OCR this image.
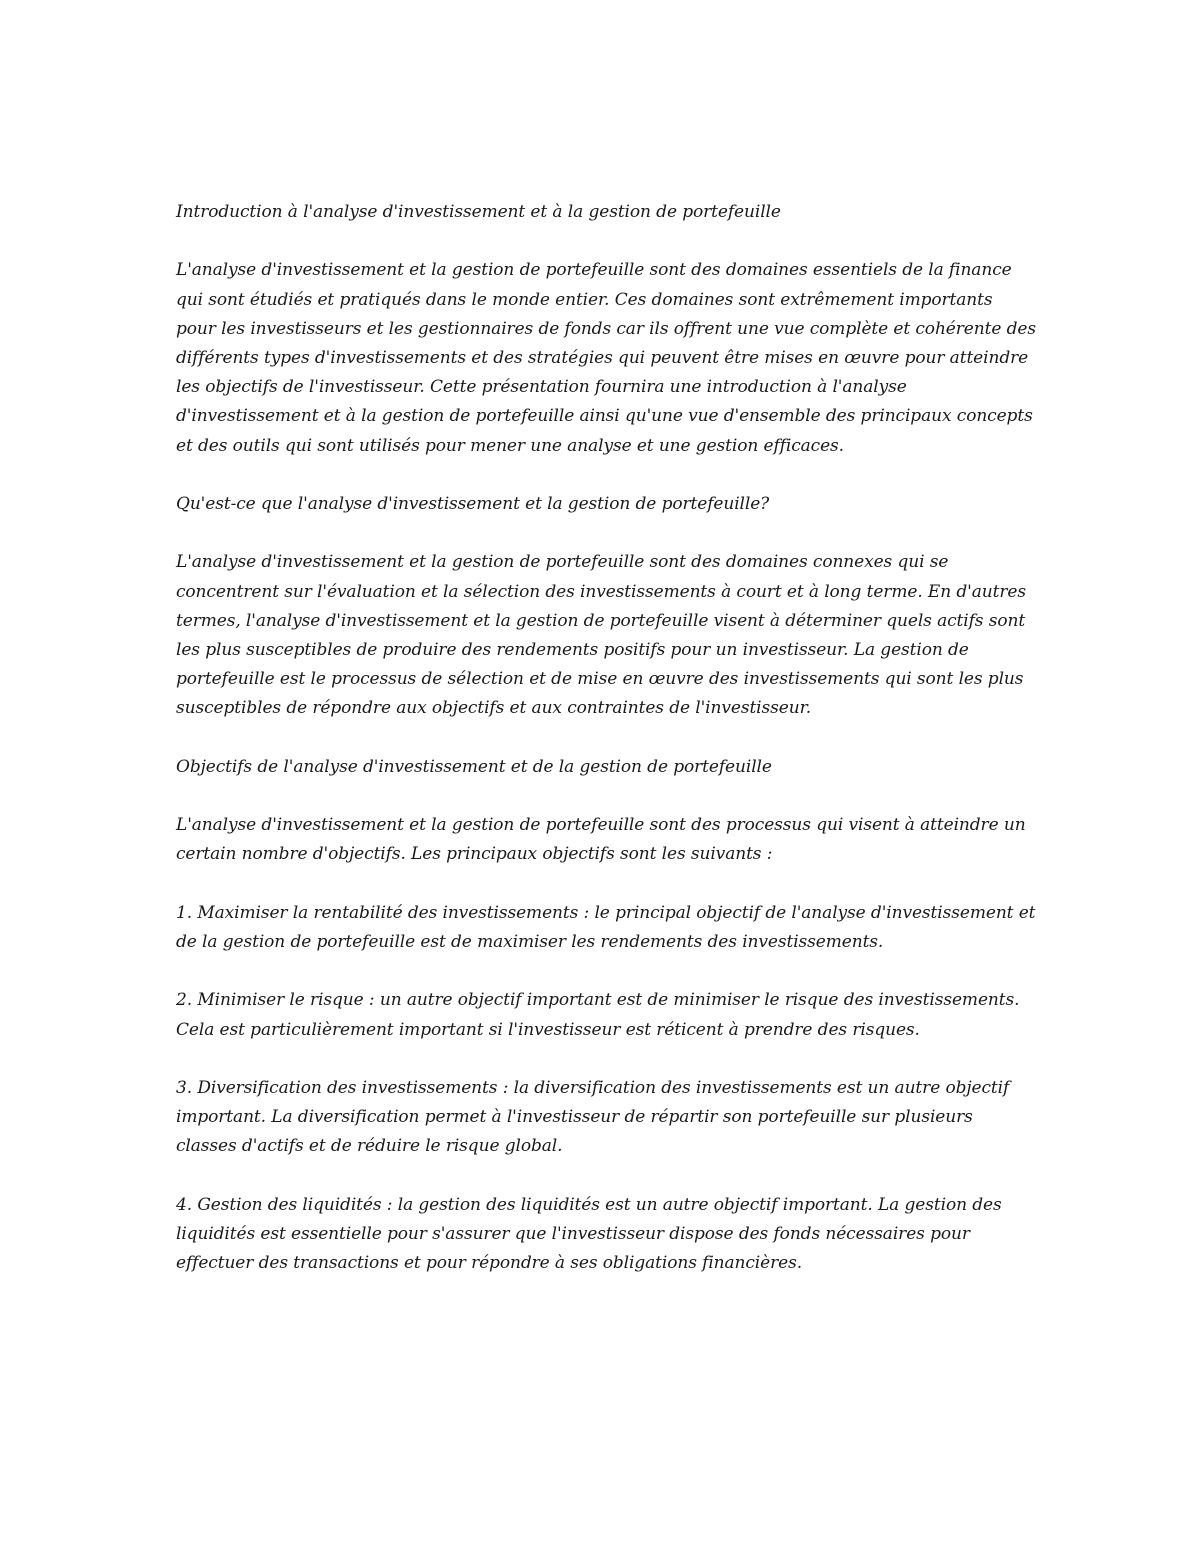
Introduction à l'analyse d'investissement et à la gestion de portefeuille

L'analyse d'investissement et la gestion de portefeuille sont des domaines essentiels de la finance qui sont étudiés et pratiqués dans le monde entier. Ces domaines sont extrêmement importants pour les investisseurs et les gestionnaires de fonds car ils offrent une vue complète et cohérente des différents types d'investissements et des stratégies qui peuvent être mises en œuvre pour atteindre les objectifs de l'investisseur. Cette présentation fournira une introduction à l'analyse d'investissement et à la gestion de portefeuille ainsi qu'une vue d'ensemble des principaux concepts et des outils qui sont utilisés pour mener une analyse et une gestion efficaces.

Qu'est-ce que l'analyse d'investissement et la gestion de portefeuille?

L'analyse d'investissement et la gestion de portefeuille sont des domaines connexes qui se concentrent sur l'évaluation et la sélection des investissements à court et à long terme. En d'autres termes, l'analyse d'investissement et la gestion de portefeuille visent à déterminer quels actifs sont les plus susceptibles de produire des rendements positifs pour un investisseur. La gestion de portefeuille est le processus de sélection et de mise en œuvre des investissements qui sont les plus susceptibles de répondre aux objectifs et aux contraintes de l'investisseur.

Objectifs de l'analyse d'investissement et de la gestion de portefeuille

L'analyse d'investissement et la gestion de portefeuille sont des processus qui visent à atteindre un certain nombre d'objectifs. Les principaux objectifs sont les suivants :

1. Maximiser la rentabilité des investissements : le principal objectif de l'analyse d'investissement et de la gestion de portefeuille est de maximiser les rendements des investissements.

2. Minimiser le risque : un autre objectif important est de minimiser le risque des investissements. Cela est particulièrement important si l'investisseur est réticent à prendre des risques.

3. Diversification des investissements : la diversification des investissements est un autre objectif important. La diversification permet à l'investisseur de répartir son portefeuille sur plusieurs classes d'actifs et de réduire le risque global.

4. Gestion des liquidités : la gestion des liquidités est un autre objectif important. La gestion des liquidités est essentielle pour s'assurer que l'investisseur dispose des fonds nécessaires pour effectuer des transactions et pour répondre à ses obligations financières.
